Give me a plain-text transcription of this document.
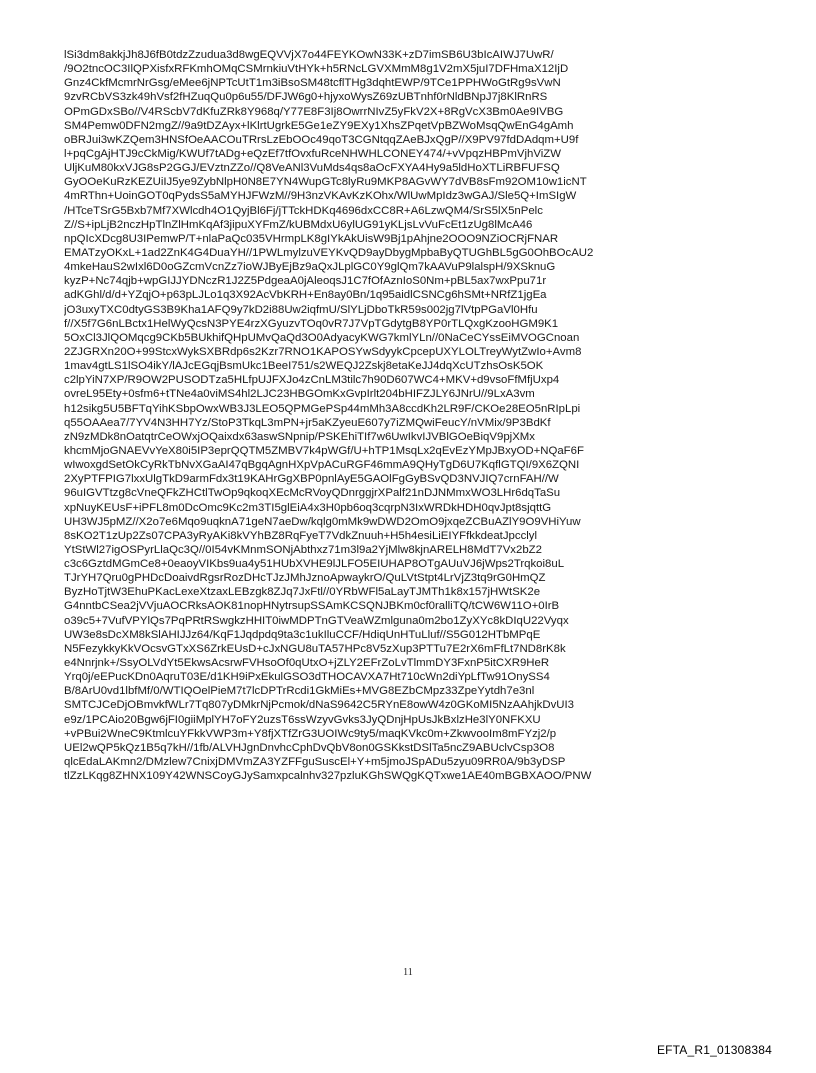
lSi3dm8akkjJh8J6fB0tdzZzudua3d8wgEQVVjX7o44FEYKOwN33K+zD7imSB6U3bIcAIWJ7UwR/
/9O2tncOC3IlQPXisfxRFKmhOMqCSMrnkiuVtHYk+h5RNcLGVXMmM8g1V2mX5juI7DFHmaX12IjD
Gnz4CkfMcmrNrGsg/eMee6jNPTcUtT1m3iBsoSM48tcflTHg3dqhtEWP/9TCe1PPHWoGtRg9sVwN
9zvRCbVS3zk49hVsf2fHZuqQu0p6u55/DFJW6g0+hjyxoWysZ69zUBTnhf0rNldBNpJ7j8KlRnRS
OPmGDxSBo//V4RScbV7dKfuZRk8Y968q/Y77E8F3Ij8OwrrNIvZ5yFkV2X+8RgVcX3Bm0Ae9IVBG
SM4Pemw0DFN2mgZ//9a9tDZAyx+lKlrtUgrkE5Ge1eZY9EXy1XhsZPqetVpBZWoMsqQwEnG4gAmh
oBRJui3wKZQem3HNSfOeAACOuTRrsLzEbOOc49qoT3CGNtqqZAeBJxQgP//X9PV97fdDAdqm+U9f
l+pqCgAjHTJ9cCkMig/KWUf7tADg+eQzEf7tfOvxfuRceNHWHLCONEY474/+vVpqzHBPmVjhViZW
UljKuM80kxVJG8sP2GGJ/EVztnZZo//Q8VeANl3VuMds4qs8aOcFXYA4Hy9a5ldHoXTLiRBFUFSQ
GyOOeKuRzKEZUiIJ5ye9ZybNlpH0N8E7YN4WupGTc8lyRu9MKP8AGvWY7dVB8sFm92OM10w1icNT
4mRThn+UoinGOT0qPydsS5aMYHJFWzM//9H3nzVKAvKzKOhx/WlUwMpIdz3wGAJ/Sle5Q+ImSIgW
/HTceTSrG5Bxb7Mf7XWlcdh4O1QyjBl6Fj/jTTckHDKq4696dxCC8R+A6LzwQM4/SrS5lX5nPelc
Z//S+ipLjB2nczHpTlnZlHmKqAf3jipuXYFmZ/kUBMdxU6ylUG91yKLjsLvVuFcEt1zUg8lMcA46
npQIcXDcg8U3IPemwP/T+nlaPaQc035VHrmpLK8gIYkAkUisW9Bj1pAhjne2OOO9NZiOCRjFNAR
EMATzyOKxL+1ad2ZnK4G4DuaYH//1PWLmylzuVEYKvQD9ayDbygMpbaByQTUGhBL5gG0OhBOcAU2
4mkeHauS2wIxl6D0oGZcmVcnZz7ioWJByEjBz9aQxJLplGC0Y9glQm7kAAVuP9lalspH/9XSknuG
kyzP+Nc74qjb+wpGIJJYDNczR1J2Z5PdgeaA0jAleoqsJ1C7fOfAznIoS0Nm+pBL5ax7wxPpu71r
adKGhl/d/d+YZqjO+p63pLJLo1q3X92AcVbKRH+En8ay0Bn/1q95aidlCSNCg6hSMt+NRfZ1jgEa
jO3uxyTXC0dtyGS3B9Kha1AFQ9y7kD2i88Uw2iqfmU/SlYLjDboTkR59s002jg7lVtpPGaVl0Hfu
f//X5f7G6nLBctx1HelWyQcsN3PYE4rzXGyuzvTOq0vR7J7VpTGdytgB8YP0rTLQxgKzooHGM9K1
5OxCl3JlQOMqcg9CKb5BUkhifQHpUMvQaQd3O0AdyacyKWG7kmlYLn//0NaCeCYssEiMVOGCnoan
2ZJGRXn20O+99StcxWykSXBRdp6s2Kzr7RNO1KAPOSYwSdyykCpcepUXYLOLTreyWytZwIo+Avm8
1mav4gtLS1lSO4ikY/lAJcEGqjBsmUkc1BeeI751/s2WEQJ2Zskj8etaKeJJ4dqXcUTzhsOsK5OK
c2lpYiN7XP/R9OW2PUSODTza5HLfpUJFXJo4zCnLM3tilc7h90D607WC4+MKV+d9vsoFfMfjUxp4
ovreL95Ety+0sfm6+tTNe4a0viMS4hl2LJC23HBGOmKxGvpIrlt204bHIFZJLY6JNrU//9LxA3vm
h12sikg5U5BFTqYihKSbpOwxWB3J3LEO5QPMGePSp44mMh3A8ccdKh2LR9F/CKOe28EO5nRIpLpi
q55OAAea7/7YV4N3HH7Yz/StoP3TkqL3mPN+jr5aKZyeuE607y7iZMQwiFeucY/nVMix/9P3BdKf
zN9zMDk8nOatqtrCeOWxjOQaixdx63aswSNpnip/PSKEhiTIf7w6UwIkvIJVBlGOeBiqV9pjXMx
khcmMjoGNAEVvYeX80i5IP3eprQQTM5ZMBV7k4pWGf/U+hTP1MsqLx2qEvEzYMpJBxyOD+NQaF6F
wIwoxgdSetOkCyRkTbNvXGaAI47qBgqAgnHXpVpACuRGF46mmA9QHyTgD6U7KqflGTQI/9X6ZQNI
2XyPTFPIG7lxxUlgTkD9armFdx3t19KAHrGgXBP0pnlAyE5GAOlFgGyBSvQD3NVJIQ7crnFAH//W
96uIGVTtzg8cVneQFkZHCtlTwOp9qkoqXEcMcRVoyQDnrggjrXPalf21nDJNMmxWO3LHr6dqTaSu
xpNuyKEUsF+iPFL8m0DcOmc9Kc2m3TI5glEiA4x3H0pb6oq3cqrpN3IxWRDkHDH0qvJpt8sjqttG
UH3WJ5pMZ//X2o7e6Mqo9uqknA71geN7aeDw/kqlg0mMk9wDWD2OmO9jxqeZCBuAZlY9O9VHiYuw
8sKO2T1zUp2Zs07CPA3yRyAKi8kVYhBZ8RqFyeT7VdkZnuuh+H5h4esiLiEIYFfkkdeatJpcclyl
YtStWl27igOSPyrLlaQc3Q//0I54vKMnmSONjAbthxz71m3l9a2YjMlw8kjnARELH8MdT7Vx2bZ2
c3c6GztdMGmCe8+0eaoyVIKbs9ua4y51HUbXVHE9lJLFO5EIUHAP8OTgAUuVJ6jWps2Trqkoi8uL
TJrYH7Qru0gPHDcDoaivdRgsrRozDHcTJzJMhJznoApwaykrO/QuLVtStpt4LrVjZ3tq9rG0HmQZ
ByzHoTjtW3EhuPKacLexeXtzaxLEBzgk8ZJq7JxFtl//0YRbWFl5aLayTJMTh1k8x157jHWtSK2e
G4nntbCSea2jVVjuAOCRksAOK81nopHNytrsupSSAmKCSQNJBKm0cf0ralliTQ/tCW6W11O+0IrB
o39c5+7VufVPYlQs7PqPRtRSwgkzHHIT0iwMDPTnGTVeaWZmlguna0m2bo1ZyXYc8kDIqU22Vyqx
UW3e8sDcXM8kSlAHIJJz64/KqF1Jqdpdq9ta3c1ukIluCCF/HdiqUnHTuLluf//S5G012HTbMPqE
N5FezykkyKkVOcsvGTxXS6ZrkEUsD+cJxNGU8uTA57HPc8V5zXup3PTTu7E2rX6mFfLt7ND8rK8k
e4Nnrjnk+/SsyOLVdYt5EkwsAcsrwFVHsoOf0qUtxO+jZLY2EFrZoLvTlmmDY3FxnP5itCXR9HeR
Yrq0j/eEPucKDn0AqruT03E/d1KH9iPxEkulGSO3dTHOCAVXA7Ht710cWn2diYpLfTw91OnySS4
B/8ArU0vd1lbfMf/0/WTIQOelPieM7t7lcDPTrRcdi1GkMiEs+MVG8EZbCMpz33ZpeYytdh7e3nl
SMTCJCeDjOBmvkfWLr7Tq807yDMkrNjPcmok/dNaS9642C5RYnE8owW4z0GKoMI5NzAAhjkDvUI3
e9z/1PCAio20Bgw6jFI0giiMplYH7oFY2uzsT6ssWzyvGvks3JyQDnjHpUsJkBxlzHe3lY0NFKXU
+vPBui2WneC9KtmlcuYFkkVWP3m+Y8fjXTfZrG3UOIWc9ty5/maqKVkc0m+ZkwvooIm8mFYzj2/p
UEl2wQP5kQz1B5q7kH//1fb/ALVHJgnDnvhcCphDvQbV8on0GSKkstDSlTa5ncZ9ABUclvCsp3O8
qlcEdaLAKmn2/DMzlew7CnixjDMVmZA3YZFFguSuscEl+Y+m5jmoJSpADu5zyu09RR0A/9b3yDSP
tlZzLKqg8ZHNX109Y42WNSCoyGJySamxpcalnhv327pzluKGhSWQgKQTxwe1AE40mBGBXAOO/PNW
11
EFTA_R1_01308384
